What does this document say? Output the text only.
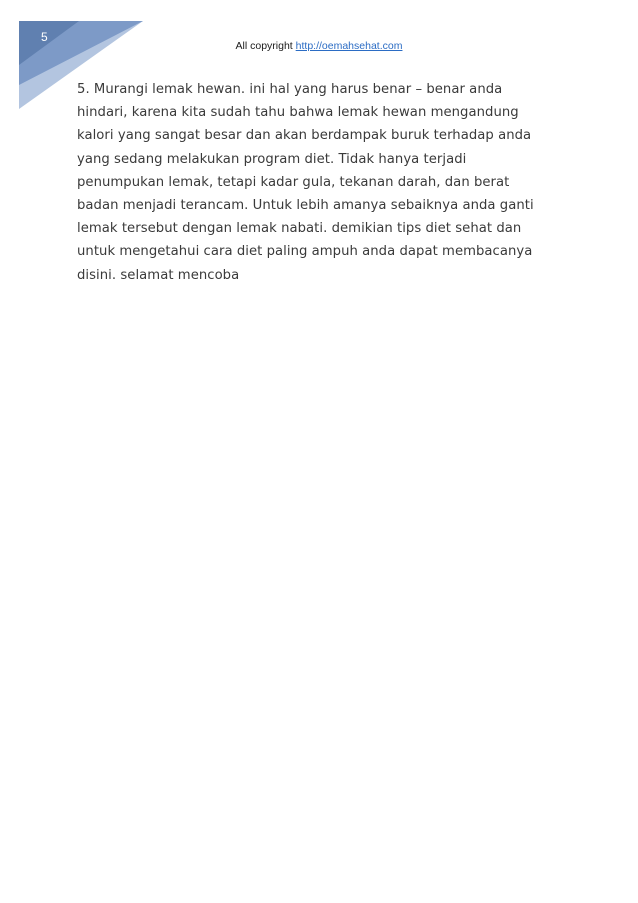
5
All copyright http://oemahsehat.com
5. Murangi lemak hewan. ini hal yang harus benar – benar anda
hindari, karena kita sudah tahu bahwa lemak hewan mengandung
kalori yang sangat besar dan akan berdampak buruk terhadap anda
yang sedang melakukan program diet. Tidak hanya terjadi
penumpukan lemak, tetapi kadar gula, tekanan darah, dan berat
badan menjadi terancam. Untuk lebih amanya sebaiknya anda ganti
lemak tersebut dengan lemak nabati. demikian tips diet sehat dan
untuk mengetahui cara diet paling ampuh anda dapat membacanya
disini. selamat mencoba
